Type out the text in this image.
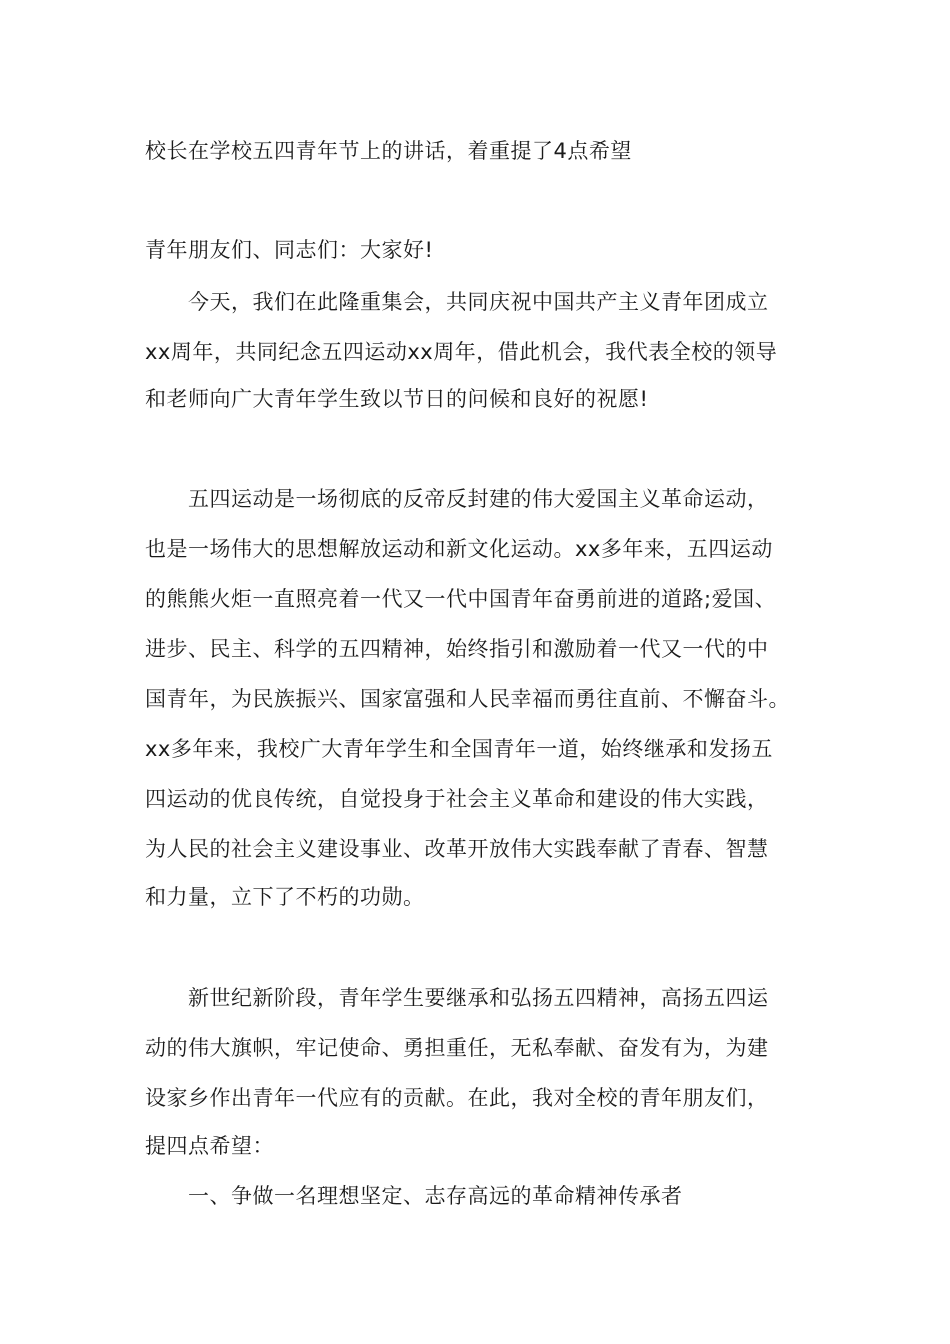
校长在学校五四青年节上的讲话，着重提了4点希望
青年朋友们、同志们：大家好!
今天，我们在此隆重集会，共同庆祝中国共产主义青年团成立
xx周年，共同纪念五四运动xx周年，借此机会，我代表全校的领导
和老师向广大青年学生致以节日的问候和良好的祝愿!
五四运动是一场彻底的反帝反封建的伟大爱国主义革命运动，
也是一场伟大的思想解放运动和新文化运动。xx多年来，五四运动
的熊熊火炬一直照亮着一代又一代中国青年奋勇前进的道路;爱国、
进步、民主、科学的五四精神，始终指引和激励着一代又一代的中
国青年，为民族振兴、国家富强和人民幸福而勇往直前、不懈奋斗。
xx多年来，我校广大青年学生和全国青年一道，始终继承和发扬五
四运动的优良传统，自觉投身于社会主义革命和建设的伟大实践，
为人民的社会主义建设事业、改革开放伟大实践奉献了青春、智慧
和力量，立下了不朽的功勋。
新世纪新阶段，青年学生要继承和弘扬五四精神，高扬五四运
动的伟大旗帜，牢记使命、勇担重任，无私奉献、奋发有为，为建
设家乡作出青年一代应有的贡献。在此，我对全校的青年朋友们，
提四点希望：
一、争做一名理想坚定、志存高远的革命精神传承者
